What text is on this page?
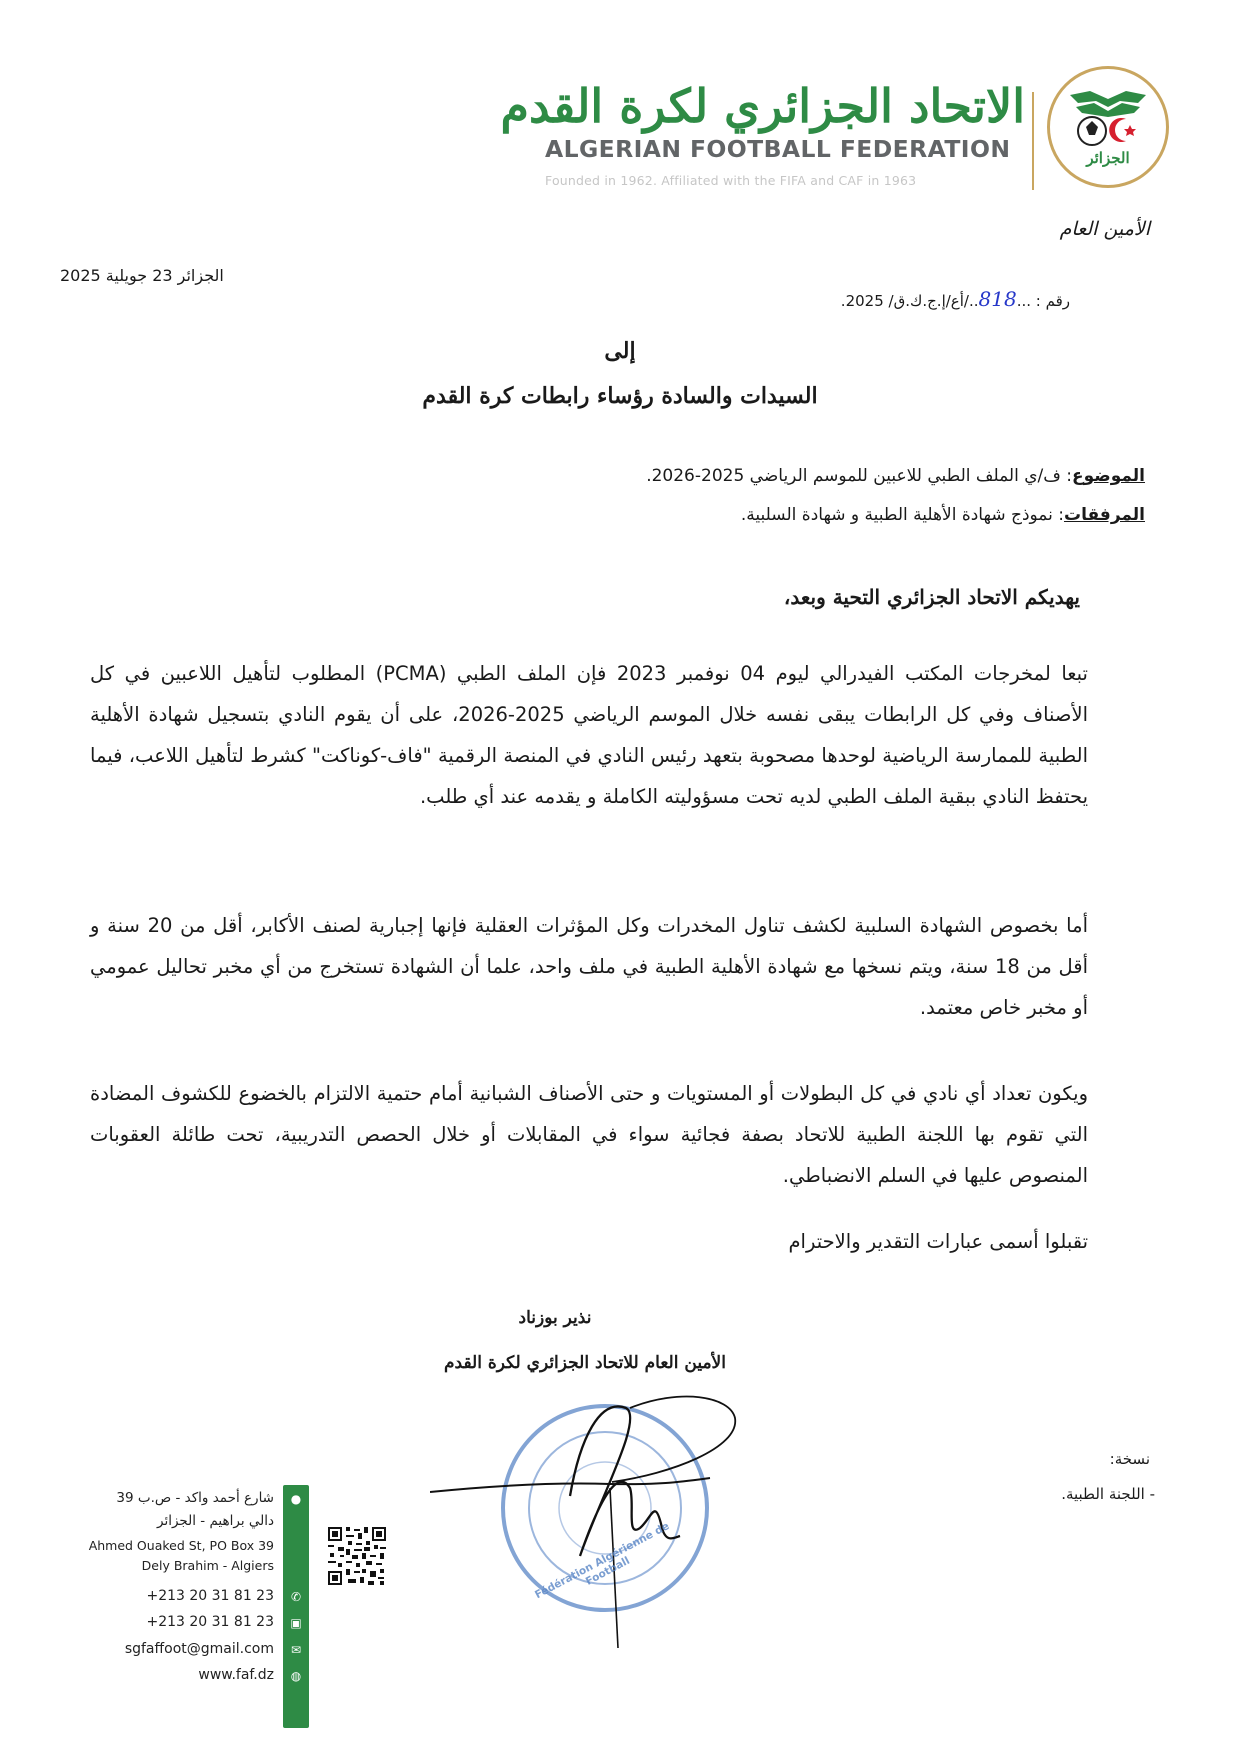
الجزائر
الاتحاد الجزائري لكرة القدم
ALGERIAN FOOTBALL FEDERATION
Founded in 1962. Affiliated with the FIFA and CAF in 1963
الأمين العام
الجزائر 23 جويلية 2025
رقم : ...818../أع/إ.ج.ك.ق/ 2025.
إلى
السيدات والسادة رؤساء رابطات كرة القدم
الموضوع: ف/ي الملف الطبي للاعبين للموسم الرياضي 2025-2026.
المرفقات: نموذج شهادة الأهلية الطبية و شهادة السلبية.
يهديكم الاتحاد الجزائري التحية وبعد،
تبعا لمخرجات المكتب الفيدرالي ليوم 04 نوفمبر 2023 فإن الملف الطبي (PCMA) المطلوب لتأهيل اللاعبين في كل الأصناف وفي كل الرابطات يبقى نفسه خلال الموسم الرياضي 2025-2026، على أن يقوم النادي بتسجيل شهادة الأهلية الطبية للممارسة الرياضية لوحدها مصحوبة بتعهد رئيس النادي في المنصة الرقمية "فاف-كوناكت" كشرط لتأهيل اللاعب، فيما يحتفظ النادي ببقية الملف الطبي لديه تحت مسؤوليته الكاملة و يقدمه عند أي طلب.
أما بخصوص الشهادة السلبية لكشف تناول المخدرات وكل المؤثرات العقلية فإنها إجبارية لصنف الأكابر، أقل من 20 سنة و أقل من 18 سنة، ويتم نسخها مع شهادة الأهلية الطبية في ملف واحد، علما أن الشهادة تستخرج من أي مخبر تحاليل عمومي أو مخبر خاص معتمد.
ويكون تعداد أي نادي في كل البطولات أو المستويات و حتى الأصناف الشبانية أمام حتمية الالتزام بالخضوع للكشوف المضادة التي تقوم بها اللجنة الطبية للاتحاد بصفة فجائية سواء في المقابلات أو خلال الحصص التدريبية، تحت طائلة العقوبات المنصوص عليها في السلم الانضباطي.
تقبلوا أسمى عبارات التقدير والاحترام
نذير بوزناد
الأمين العام للاتحاد الجزائري لكرة القدم
Fédération Algérienne de Football
نسخة:
- اللجنة الطبية.
●
✆
▣
✉
◍
شارع أحمد واكد - ص.ب 39
دالي براهيم - الجزائر
Ahmed Ouaked St, PO Box 39
Dely Brahim - Algiers
+213 20 31 81 23
+213 20 31 81 23
sgfaffoot@gmail.com
www.faf.dz
